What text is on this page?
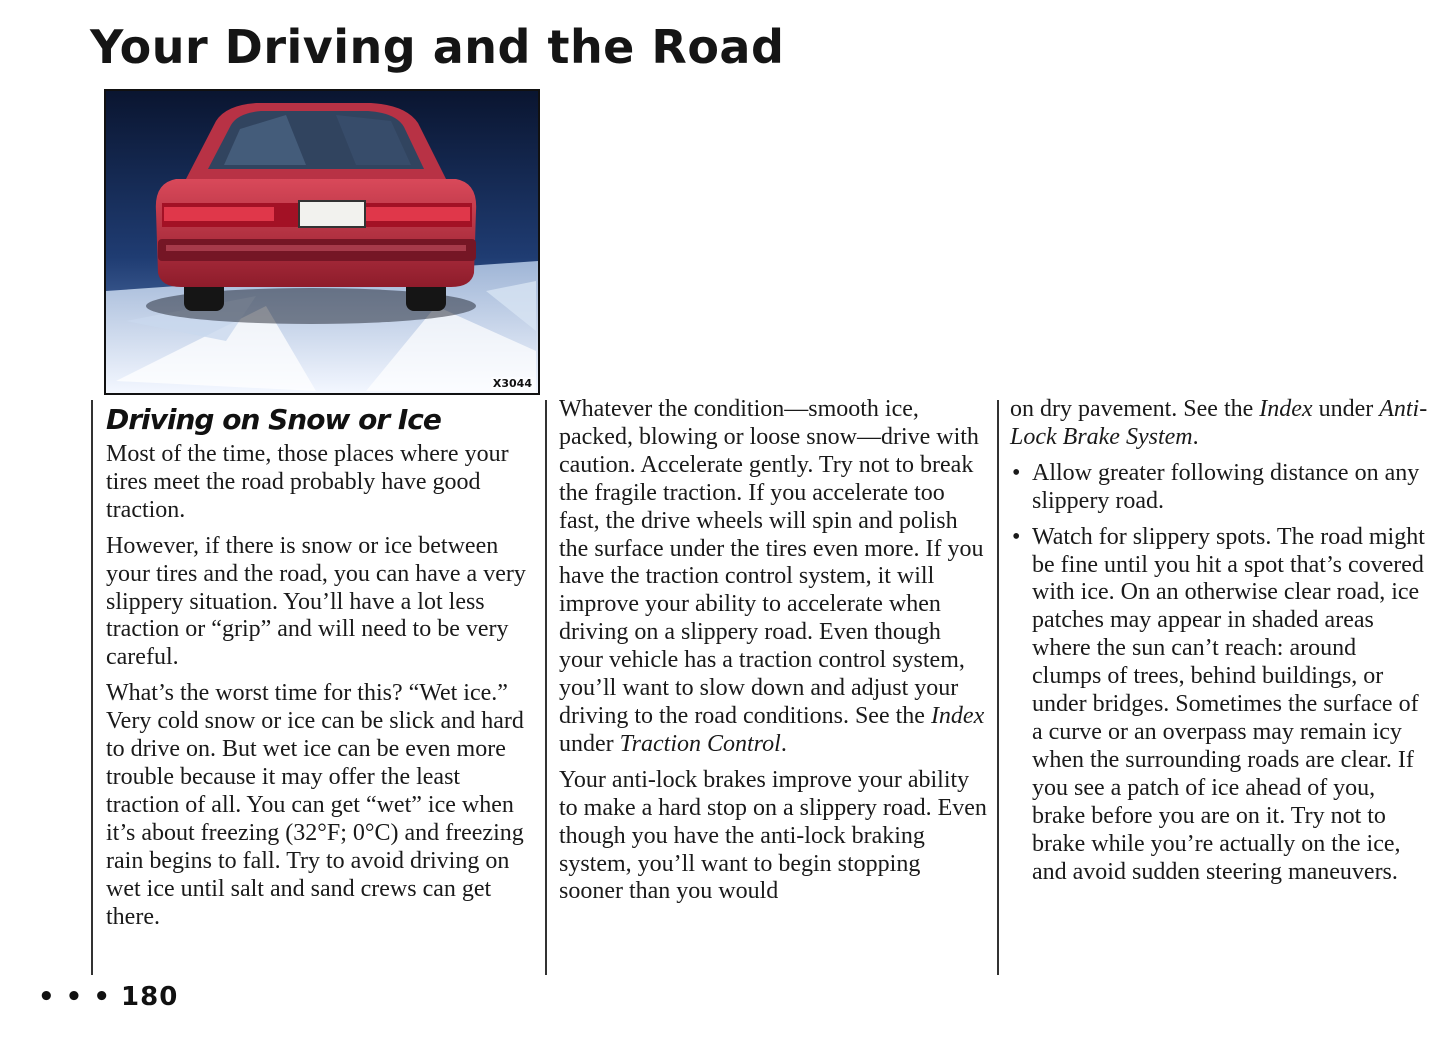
Your Driving and the Road
X3044
Driving on Snow or Ice

Most of the time, those places where your tires meet the road probably have good traction.

However, if there is snow or ice between your tires and the road, you can have a very slippery situation. You’ll have a lot less traction or “grip” and will need to be very careful.

What’s the worst time for this? “Wet ice.” Very cold snow or ice can be slick and hard to drive on. But wet ice can be even more trouble because it may offer the least traction of all. You can get “wet” ice when it’s about freezing (32°F; 0°C) and freezing rain begins to fall. Try to avoid driving on wet ice until salt and sand crews can get there.

Whatever the condition—smooth ice, packed, blowing or loose snow—drive with caution. Accelerate gently. Try not to break the fragile traction. If you accelerate too fast, the drive wheels will spin and polish the surface under the tires even more. If you have the traction control system, it will improve your ability to accelerate when driving on a slippery road. Even though your vehicle has a traction control system, you’ll want to slow down and adjust your driving to the road conditions. See the Index under Traction Control.

Your anti-lock brakes improve your ability to make a hard stop on a slippery road. Even though you have the anti-lock braking system, you’ll want to begin stopping sooner than you would

on dry pavement. See the Index under Anti-Lock Brake System.

• Allow greater following distance on any slippery road.
• Watch for slippery spots. The road might be fine until you hit a spot that’s covered with ice. On an otherwise clear road, ice patches may appear in shaded areas where the sun can’t reach: around clumps of trees, behind buildings, or under bridges. Sometimes the surface of a curve or an overpass may remain icy when the surrounding roads are clear. If you see a patch of ice ahead of you, brake before you are on it. Try not to brake while you’re actually on the ice, and avoid sudden steering maneuvers.
• • • 180
